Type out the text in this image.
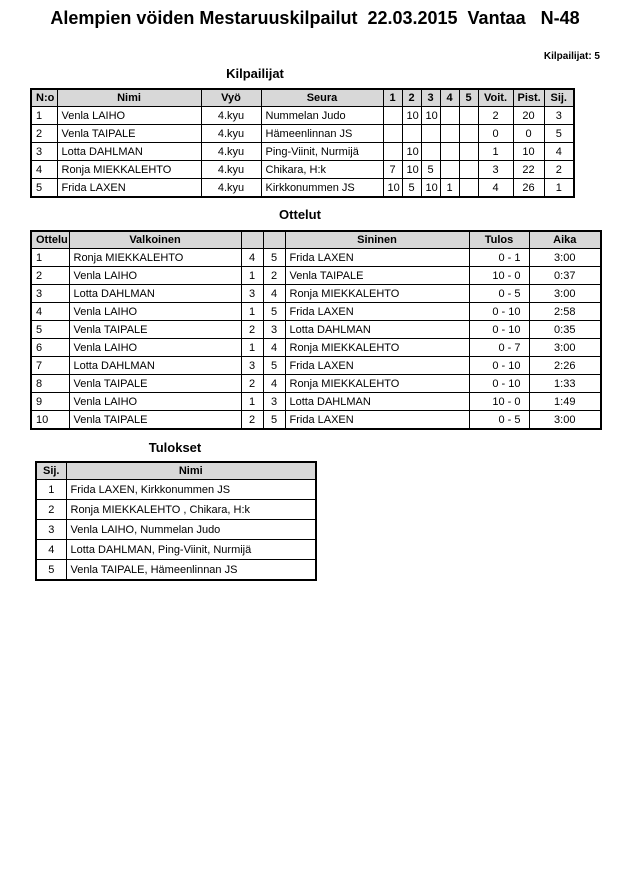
Alempien vöiden Mestaruuskilpailut  22.03.2015  Vantaa   N-48
Kilpailijat: 5
Kilpailijat
N:o	Nimi	Vyö	Seura	1	2	3	4	5	Voit.	Pist.	Sij.
1	Venla LAIHO	4.kyu	Nummelan Judo		10	10			2	20	3
2	Venla TAIPALE	4.kyu	Hämeenlinnan JS						0	0	5
3	Lotta DAHLMAN	4.kyu	Ping-Viinit, Nurmijä		10				1	10	4
4	Ronja MIEKKALEHTO	4.kyu	Chikara, H:k	7	10	5			3	22	2
5	Frida LAXEN	4.kyu	Kirkkonummen JS	10	5	10	1		4	26	1
Ottelut
Ottelu	Valkoinen			Sininen	Tulos	Aika
1	Ronja MIEKKALEHTO	4	5	Frida LAXEN	0 - 1	3:00
2	Venla LAIHO	1	2	Venla TAIPALE	10 - 0	0:37
3	Lotta DAHLMAN	3	4	Ronja MIEKKALEHTO	0 - 5	3:00
4	Venla LAIHO	1	5	Frida LAXEN	0 - 10	2:58
5	Venla TAIPALE	2	3	Lotta DAHLMAN	0 - 10	0:35
6	Venla LAIHO	1	4	Ronja MIEKKALEHTO	0 - 7	3:00
7	Lotta DAHLMAN	3	5	Frida LAXEN	0 - 10	2:26
8	Venla TAIPALE	2	4	Ronja MIEKKALEHTO	0 - 10	1:33
9	Venla LAIHO	1	3	Lotta DAHLMAN	10 - 0	1:49
10	Venla TAIPALE	2	5	Frida LAXEN	0 - 5	3:00
Tulokset
Sij.	Nimi
1	Frida LAXEN, Kirkkonummen JS
2	Ronja MIEKKALEHTO , Chikara, H:k
3	Venla LAIHO, Nummelan Judo
4	Lotta DAHLMAN, Ping-Viinit, Nurmijä
5	Venla TAIPALE, Hämeenlinnan JS
